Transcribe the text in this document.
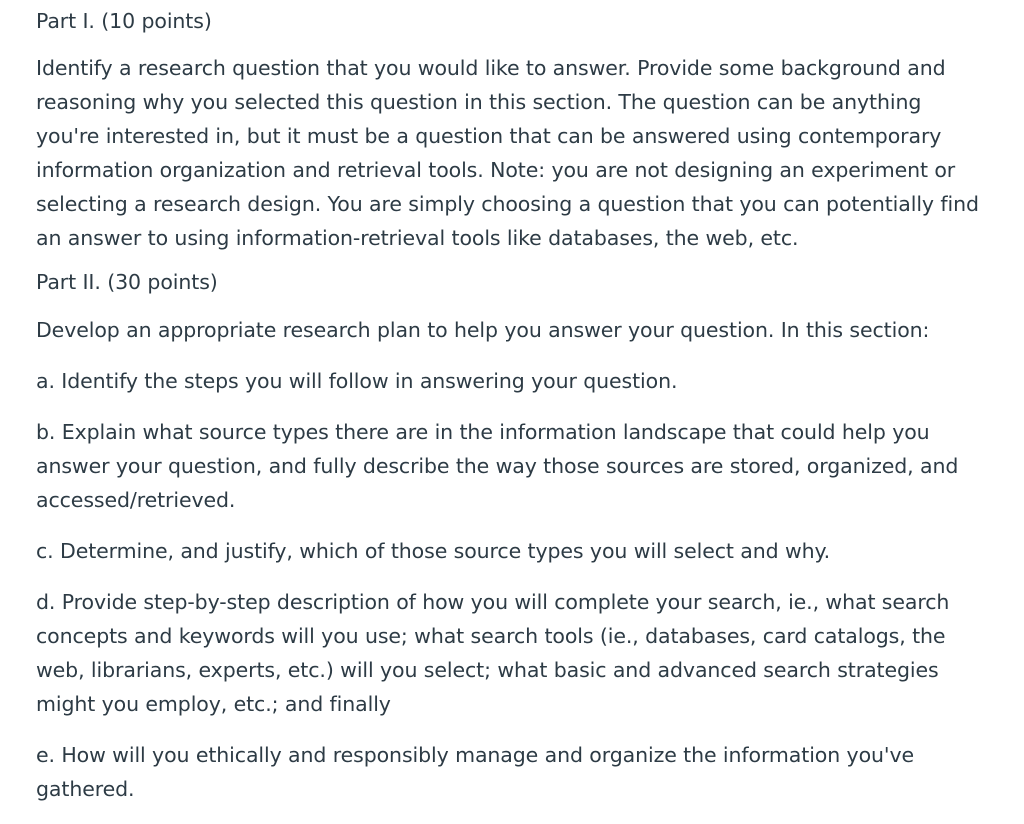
Part I. (10 points)

Identify a research question that you would like to answer. Provide some background and

reasoning why you selected this question in this section. The question can be anything

you're interested in, but it must be a question that can be answered using contemporary

information organization and retrieval tools. Note: you are not designing an experiment or

selecting a research design. You are simply choosing a question that you can potentially find

an answer to using information-retrieval tools like databases, the web, etc.

Part II. (30 points)

Develop an appropriate research plan to help you answer your question. In this section:

a. Identify the steps you will follow in answering your question.

b. Explain what source types there are in the information landscape that could help you

answer your question, and fully describe the way those sources are stored, organized, and

accessed/retrieved.

c. Determine, and justify, which of those source types you will select and why.

d. Provide step-by-step description of how you will complete your search, ie., what search

concepts and keywords will you use; what search tools (ie., databases, card catalogs, the

web, librarians, experts, etc.) will you select; what basic and advanced search strategies

might you employ, etc.; and finally

e. How will you ethically and responsibly manage and organize the information you've

gathered.
